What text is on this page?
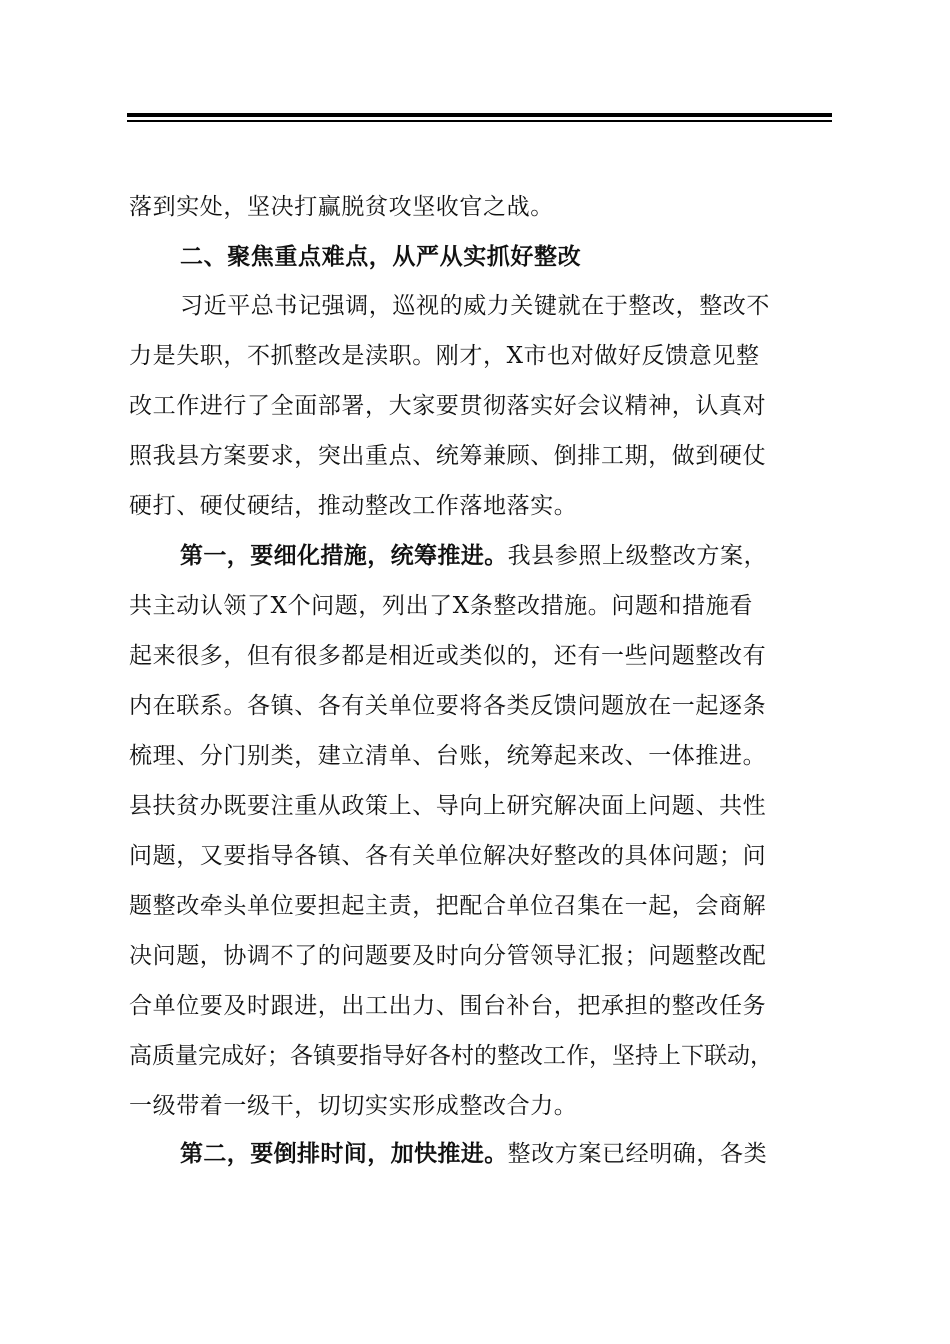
落到实处，坚决打赢脱贫攻坚收官之战。
二、聚焦重点难点，从严从实抓好整改
习近平总书记强调，巡视的威力关键就在于整改，整改不
力是失职，不抓整改是渎职。刚才，X市也对做好反馈意见整
改工作进行了全面部署，大家要贯彻落实好会议精神，认真对
照我县方案要求，突出重点、统筹兼顾、倒排工期，做到硬仗
硬打、硬仗硬结，推动整改工作落地落实。
第一，要细化措施，统筹推进。我县参照上级整改方案，
共主动认领了X个问题，列出了X条整改措施。问题和措施看
起来很多，但有很多都是相近或类似的，还有一些问题整改有
内在联系。各镇、各有关单位要将各类反馈问题放在一起逐条
梳理、分门别类，建立清单、台账，统筹起来改、一体推进。
县扶贫办既要注重从政策上、导向上研究解决面上问题、共性
问题，又要指导各镇、各有关单位解决好整改的具体问题；问
题整改牵头单位要担起主责，把配合单位召集在一起，会商解
决问题，协调不了的问题要及时向分管领导汇报；问题整改配
合单位要及时跟进，出工出力、围台补台，把承担的整改任务
高质量完成好；各镇要指导好各村的整改工作，坚持上下联动，
一级带着一级干，切切实实形成整改合力。
第二，要倒排时间，加快推进。整改方案已经明确，各类
